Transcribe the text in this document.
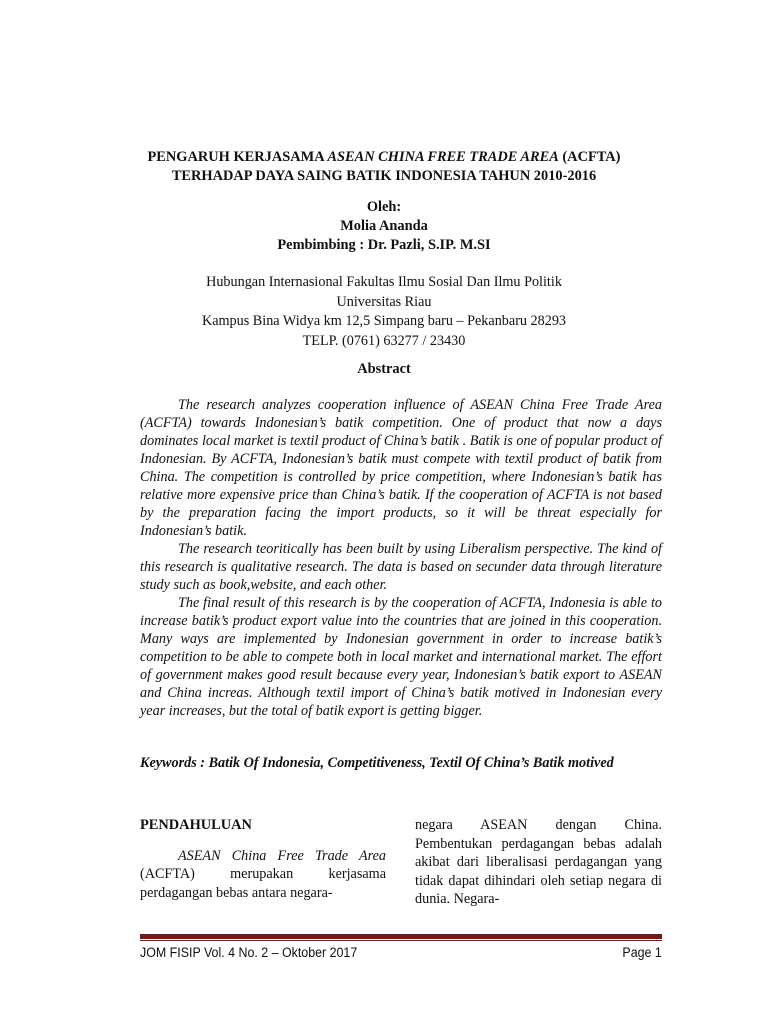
PENGARUH KERJASAMA ASEAN CHINA FREE TRADE AREA (ACFTA)
TERHADAP DAYA SAING BATIK INDONESIA TAHUN 2010-2016
Oleh:
Molia Ananda
Pembimbing : Dr. Pazli, S.IP. M.SI
Hubungan Internasional Fakultas Ilmu Sosial Dan Ilmu Politik
Universitas Riau
Kampus Bina Widya km 12,5 Simpang baru – Pekanbaru 28293
TELP. (0761) 63277 / 23430
Abstract

The research analyzes cooperation influence of ASEAN China Free Trade Area (ACFTA) towards Indonesian’s batik competition. One of product that now a days dominates local market is textil product of China’s batik . Batik is one of popular product of Indonesian. By ACFTA, Indonesian’s batik must compete with textil product of batik from China. The competition is controlled by price competition, where Indonesian’s batik has relative more expensive price than China’s batik. If the cooperation of ACFTA is not based by the preparation facing the import products, so it will be threat especially for Indonesian’s batik.

The research teoritically has been built by using Liberalism perspective. The kind of this research is qualitative research. The data is based on secunder data through literature study such as book,website, and each other.

The final result of this research is by the cooperation of ACFTA, Indonesia is able to increase batik’s product export value into the countries that are joined in this cooperation. Many ways are implemented by Indonesian government in order to increase batik’s competition to be able to compete both in local market and international market. The effort of government makes good result because every year, Indonesian’s batik export to ASEAN and China increas. Although textil import of China’s batik motived in Indonesian every year increases, but the total of batik export is getting bigger.

Keywords : Batik Of Indonesia, Competitiveness, Textil Of China’s Batik motived
PENDAHULUAN

ASEAN China Free Trade Area (ACFTA) merupakan kerjasama perdagangan bebas antara negara-

negara ASEAN dengan China. Pembentukan perdagangan bebas adalah akibat dari liberalisasi perdagangan yang tidak dapat dihindari oleh setiap negara di dunia. Negara-

JOM FISIP Vol. 4 No. 2 – Oktober 2017	Page 1
